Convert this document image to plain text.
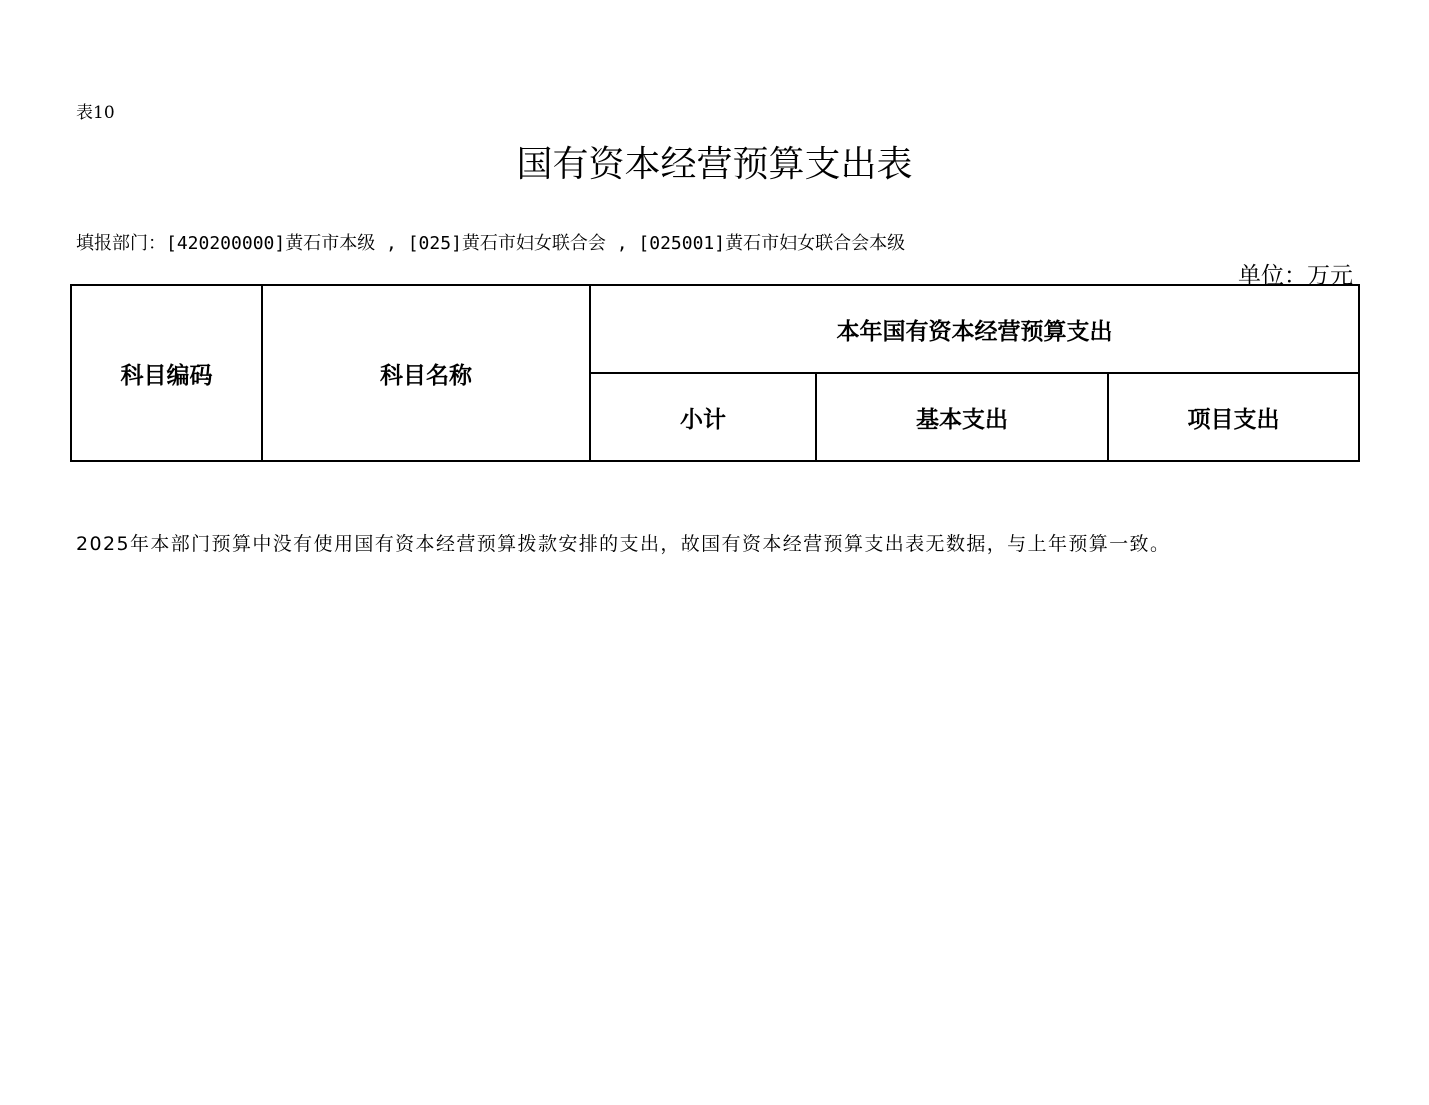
表10
国有资本经营预算支出表
填报部门：[420200000]黄石市本级 , [025]黄石市妇女联合会 , [025001]黄石市妇女联合会本级
单位：万元
科目编码	科目名称	本年国有资本经营预算支出		
		小计	基本支出	项目支出
2025年本部门预算中没有使用国有资本经营预算拨款安排的支出，故国有资本经营预算支出表无数据，与上年预算一致。
